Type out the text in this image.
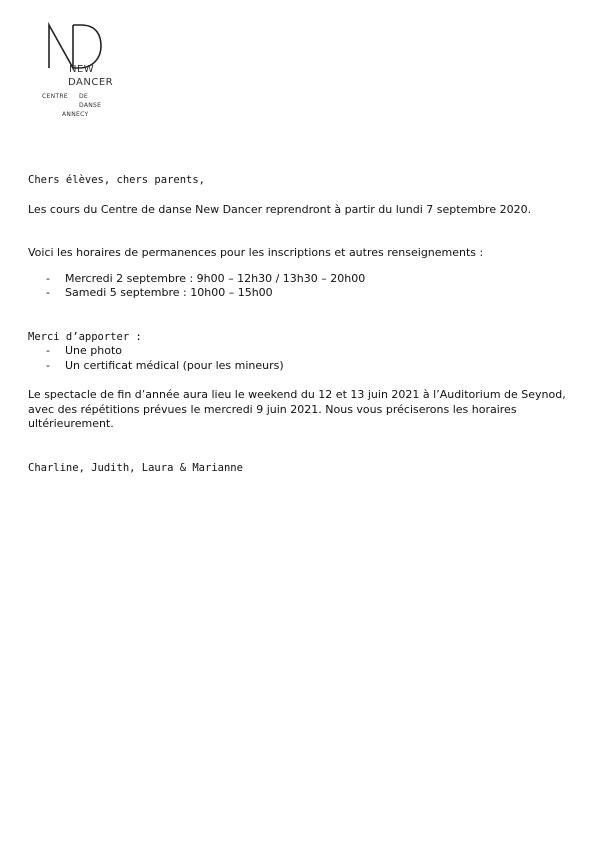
NEW
DANCER
CENTRE DE
DANSE
ANNECY

Chers élèves, chers parents,

Les cours du Centre de danse New Dancer reprendront à partir du lundi 7 septembre 2020.

Voici les horaires de permanences pour les inscriptions et autres renseignements :

- Mercredi 2 septembre : 9h00 – 12h30 / 13h30 – 20h00
- Samedi 5 septembre : 10h00 – 15h00

Merci d’apporter :

- Une photo
- Un certificat médical (pour les mineurs)

Le spectacle de fin d’année aura lieu le weekend du 12 et 13 juin 2021 à l’Auditorium de Seynod, avec des répétitions prévues le mercredi 9 juin 2021. Nous vous préciserons les horaires ultérieurement.

Charline, Judith, Laura & Marianne
